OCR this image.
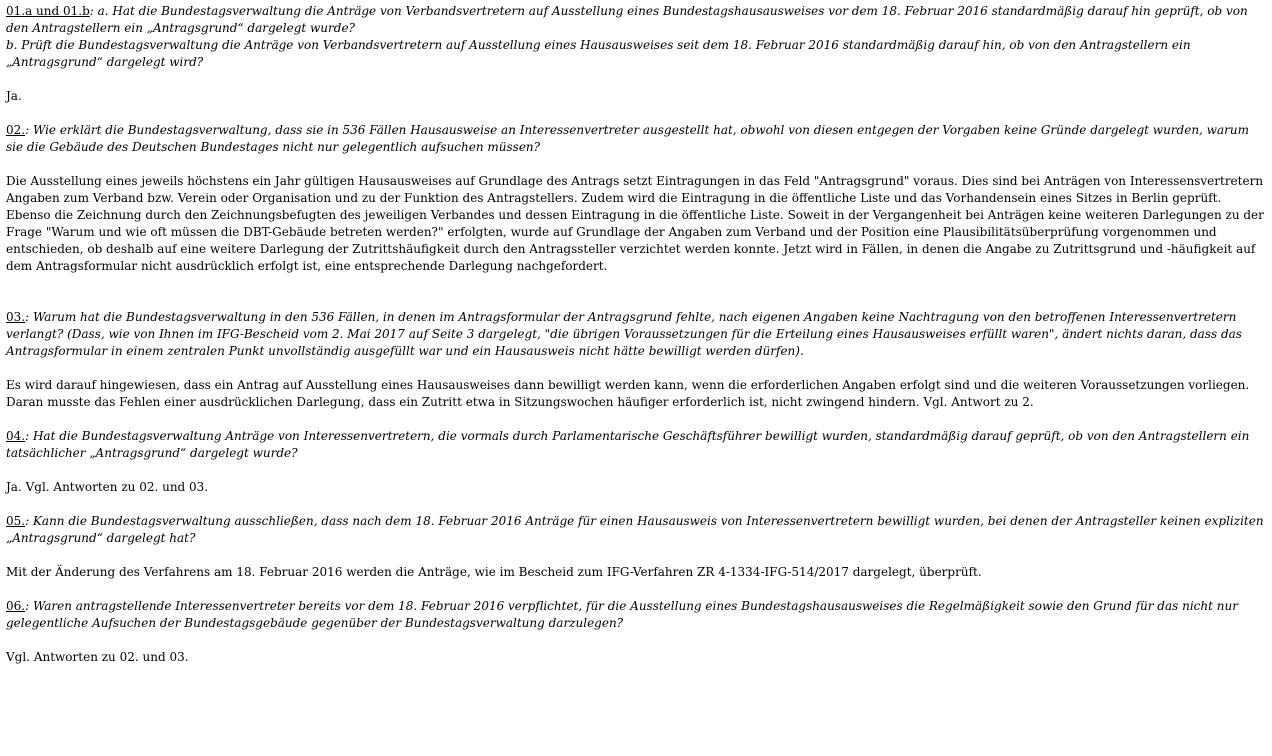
01.a und 01.b: a. Hat die Bundestagsverwaltung die Anträge von Verbandsvertretern auf Ausstellung eines Bundestagshausausweises vor dem 18. Februar 2016 standardmäßig darauf hin geprüft, ob von den Antragstellern ein „Antragsgrund“ dargelegt wurde?

b. Prüft die Bundestagsverwaltung die Anträge von Verbandsvertretern auf Ausstellung eines Hausausweises seit dem 18. Februar 2016 standardmäßig darauf hin, ob von den Antragstellern ein „Antragsgrund“ dargelegt wird?

Ja.

02.: Wie erklärt die Bundestagsverwaltung, dass sie in 536 Fällen Hausausweise an Interessenvertreter ausgestellt hat, obwohl von diesen entgegen der Vorgaben keine Gründe dargelegt wurden, warum sie die Gebäude des Deutschen Bundestages nicht nur gelegentlich aufsuchen müssen?

Die Ausstellung eines jeweils höchstens ein Jahr gültigen Hausausweises auf Grundlage des Antrags setzt Eintragungen in das Feld "Antragsgrund" voraus. Dies sind bei Anträgen von Interessensvertretern Angaben zum Verband bzw. Verein oder Organisation und zu der Funktion des Antragstellers. Zudem wird die Eintragung in die öffentliche Liste und das Vorhandensein eines Sitzes in Berlin geprüft. Ebenso die Zeichnung durch den Zeichnungsbefugten des jeweiligen Verbandes und dessen Eintragung in die öffentliche Liste. Soweit in der Vergangenheit bei Anträgen keine weiteren Darlegungen zu der Frage "Warum und wie oft müssen die DBT-Gebäude betreten werden?" erfolgten, wurde auf Grundlage der Angaben zum Verband und der Position eine Plausibilitätsüberprüfung vorgenommen und entschieden, ob deshalb auf eine weitere Darlegung der Zutrittshäufigkeit durch den Antragssteller verzichtet werden konnte. Jetzt wird in Fällen, in denen die Angabe zu Zutrittsgrund und -häufigkeit auf dem Antragsformular nicht ausdrücklich erfolgt ist, eine entsprechende Darlegung nachgefordert.

03.: Warum hat die Bundestagsverwaltung in den 536 Fällen, in denen im Antragsformular der Antragsgrund fehlte, nach eigenen Angaben keine Nachtragung von den betroffenen Interessenvertretern verlangt? (Dass, wie von Ihnen im IFG-Bescheid vom 2. Mai 2017 auf Seite 3 dargelegt, "die übrigen Voraussetzungen für die Erteilung eines Hausausweises erfüllt waren", ändert nichts daran, dass das Antragsformular in einem zentralen Punkt unvollständig ausgefüllt war und ein Hausausweis nicht hätte bewilligt werden dürfen).

Es wird darauf hingewiesen, dass ein Antrag auf Ausstellung eines Hausausweises dann bewilligt werden kann, wenn die erforderlichen Angaben erfolgt sind und die weiteren Voraussetzungen vorliegen. Daran musste das Fehlen einer ausdrücklichen Darlegung, dass ein Zutritt etwa in Sitzungswochen häufiger erforderlich ist, nicht zwingend hindern. Vgl. Antwort zu 2.

04.: Hat die Bundestagsverwaltung Anträge von Interessenvertretern, die vormals durch Parlamentarische Geschäftsführer bewilligt wurden, standardmäßig darauf geprüft, ob von den Antragstellern ein tatsächlicher „Antragsgrund“ dargelegt wurde?

Ja. Vgl. Antworten zu 02. und 03.

05.: Kann die Bundestagsverwaltung ausschließen, dass nach dem 18. Februar 2016 Anträge für einen Hausausweis von Interessenvertretern bewilligt wurden, bei denen der Antragsteller keinen expliziten „Antragsgrund“ dargelegt hat?

Mit der Änderung des Verfahrens am 18. Februar 2016 werden die Anträge, wie im Bescheid zum IFG-Verfahren ZR 4-1334-IFG-514/2017 dargelegt, überprüft.

06.: Waren antragstellende Interessenvertreter bereits vor dem 18. Februar 2016 verpflichtet, für die Ausstellung eines Bundestagshausausweises die Regelmäßigkeit sowie den Grund für das nicht nur gelegentliche Aufsuchen der Bundestagsgebäude gegenüber der Bundestagsverwaltung darzulegen?

Vgl. Antworten zu 02. und 03.
